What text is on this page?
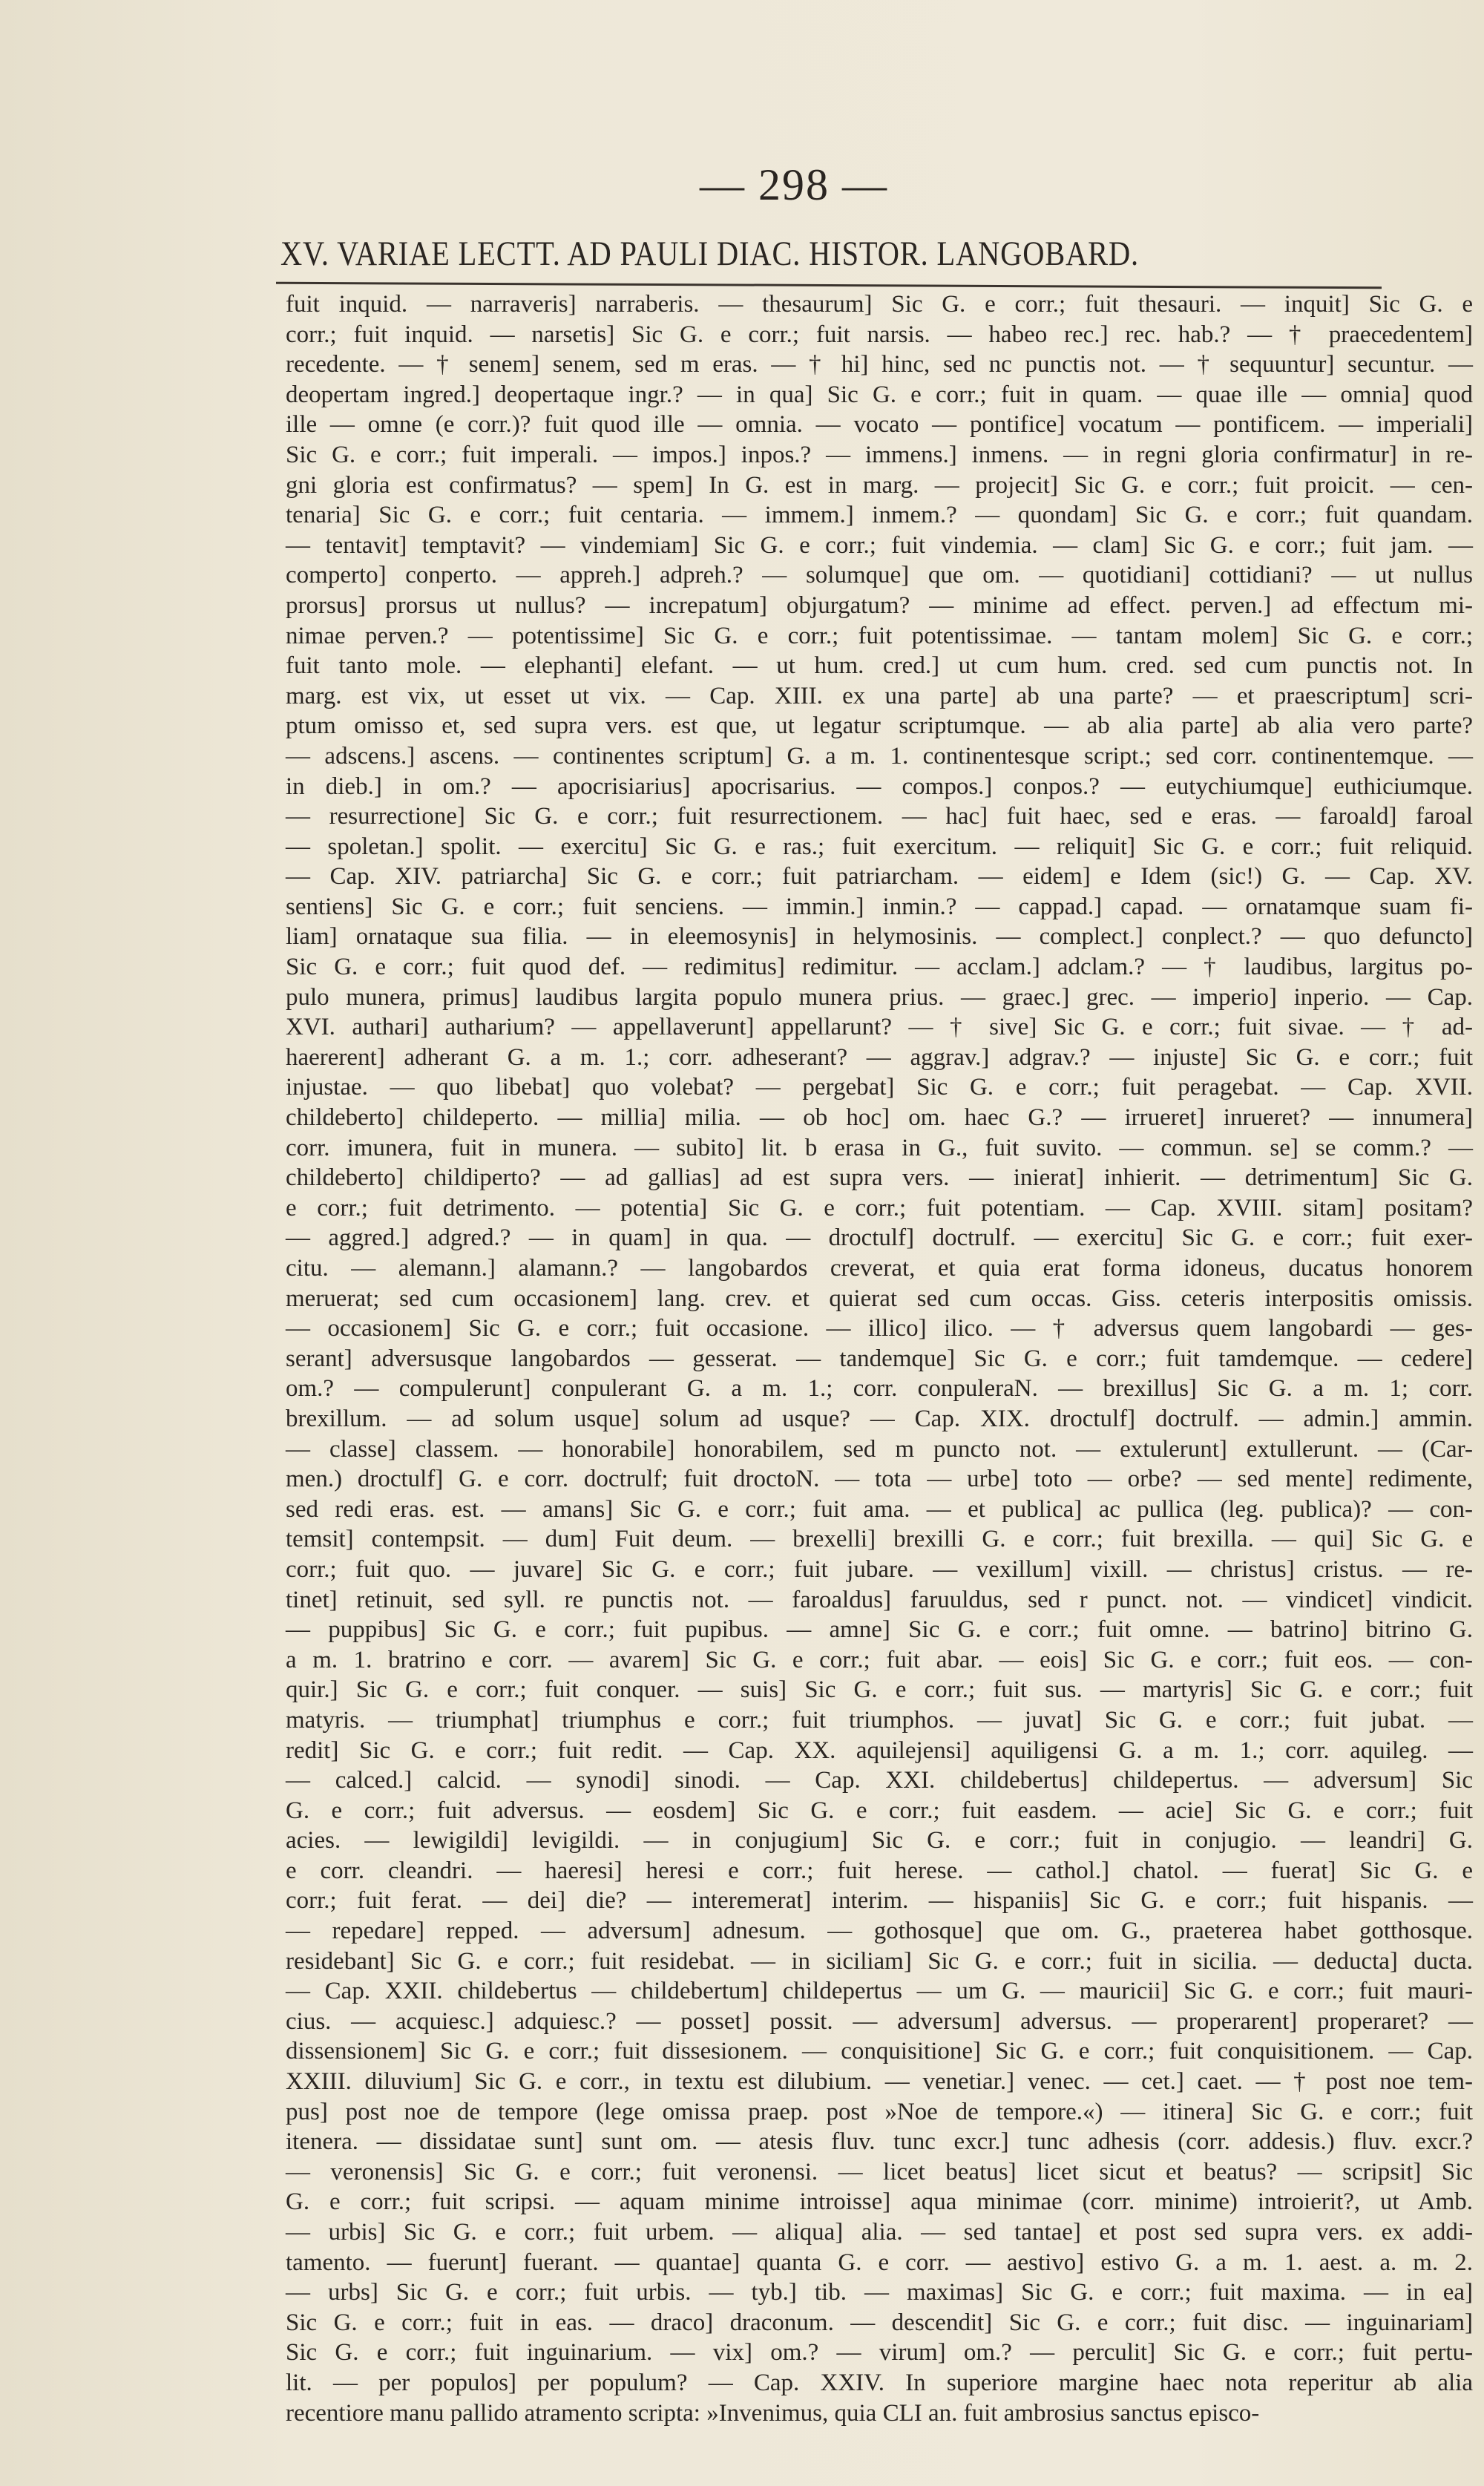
— 298 —
XV. VARIAE LECTT. AD PAULI DIAC. HISTOR. LANGOBARD.
fuit inquid. — narraveris] narraberis. — thesaurum] Sic G. e corr.; fuit thesauri. — inquit] Sic G. e
corr.; fuit inquid. — narsetis] Sic G. e corr.; fuit narsis. — habeo rec.] rec. hab.? — † praecedentem]
recedente. — † senem] senem, sed m eras. — † hi] hinc, sed nc punctis not. — † sequuntur] secuntur. —
deopertam ingred.] deopertaque ingr.? — in qua] Sic G. e corr.; fuit in quam. — quae ille — omnia] quod
ille — omne (e corr.)? fuit quod ille — omnia. — vocato — pontifice] vocatum — pontificem. — imperiali]
Sic G. e corr.; fuit imperali. — impos.] inpos.? — immens.] inmens. — in regni gloria confirmatur] in re-
gni gloria est confirmatus? — spem] In G. est in marg. — projecit] Sic G. e corr.; fuit proicit. — cen-
tenaria] Sic G. e corr.; fuit centaria. — immem.] inmem.? — quondam] Sic G. e corr.; fuit quandam.
— tentavit] temptavit? — vindemiam] Sic G. e corr.; fuit vindemia. — clam] Sic G. e corr.; fuit jam. —
comperto] conperto. — appreh.] adpreh.? — solumque] que om. — quotidiani] cottidiani? — ut nullus
prorsus] prorsus ut nullus? — increpatum] objurgatum? — minime ad effect. perven.] ad effectum mi-
nimae perven.? — potentissime] Sic G. e corr.; fuit potentissimae. — tantam molem] Sic G. e corr.;
fuit tanto mole. — elephanti] elefant. — ut hum. cred.] ut cum hum. cred. sed cum punctis not. In
marg. est vix, ut esset ut vix. — Cap. XIII. ex una parte] ab una parte? — et praescriptum] scri-
ptum omisso et, sed supra vers. est que, ut legatur scriptumque. — ab alia parte] ab alia vero parte?
— adscens.] ascens. — continentes scriptum] G. a m. 1. continentesque script.; sed corr. continentemque. —
in dieb.] in om.? — apocrisiarius] apocrisarius. — compos.] conpos.? — eutychiumque] euthiciumque.
— resurrectione] Sic G. e corr.; fuit resurrectionem. — hac] fuit haec, sed e eras. — faroald] faroal
— spoletan.] spolit. — exercitu] Sic G. e ras.; fuit exercitum. — reliquit] Sic G. e corr.; fuit reliquid.
— Cap. XIV. patriarcha] Sic G. e corr.; fuit patriarcham. — eidem] e Idem (sic!) G. — Cap. XV.
sentiens] Sic G. e corr.; fuit senciens. — immin.] inmin.? — cappad.] capad. — ornatamque suam fi-
liam] ornataque sua filia. — in eleemosynis] in helymosinis. — complect.] conplect.? — quo defuncto]
Sic G. e corr.; fuit quod def. — redimitus] redimitur. — acclam.] adclam.? — † laudibus, largitus po-
pulo munera, primus] laudibus largita populo munera prius. — graec.] grec. — imperio] inperio. — Cap.
XVI. authari] autharium? — appellaverunt] appellarunt? — † sive] Sic G. e corr.; fuit sivae. — † ad-
haererent] adherant G. a m. 1.; corr. adheserant? — aggrav.] adgrav.? — injuste] Sic G. e corr.; fuit
injustae. — quo libebat] quo volebat? — pergebat] Sic G. e corr.; fuit peragebat. — Cap. XVII.
childeberto] childeperto. — millia] milia. — ob hoc] om. haec G.? — irrueret] inrueret? — innumera]
corr. imunera, fuit in munera. — subito] lit. b erasa in G., fuit suvito. — commun. se] se comm.? —
childeberto] childiperto? — ad gallias] ad est supra vers. — inierat] inhierit. — detrimentum] Sic G.
e corr.; fuit detrimento. — potentia] Sic G. e corr.; fuit potentiam. — Cap. XVIII. sitam] positam?
— aggred.] adgred.? — in quam] in qua. — droctulf] doctrulf. — exercitu] Sic G. e corr.; fuit exer-
citu. — alemann.] alamann.? — langobardos creverat, et quia erat forma idoneus, ducatus honorem
meruerat; sed cum occasionem] lang. crev. et quierat sed cum occas. Giss. ceteris interpositis omissis.
— occasionem] Sic G. e corr.; fuit occasione. — illico] ilico. — † adversus quem langobardi — ges-
serant] adversusque langobardos — gesserat. — tandemque] Sic G. e corr.; fuit tamdemque. — cedere]
om.? — compulerunt] conpulerant G. a m. 1.; corr. conpuleraN. — brexillus] Sic G. a m. 1; corr.
brexillum. — ad solum usque] solum ad usque? — Cap. XIX. droctulf] doctrulf. — admin.] ammin.
— classe] classem. — honorabile] honorabilem, sed m puncto not. — extulerunt] extullerunt. — (Car-
men.) droctulf] G. e corr. doctrulf; fuit droctoN. — tota — urbe] toto — orbe? — sed mente] redimente,
sed redi eras. est. — amans] Sic G. e corr.; fuit ama. — et publica] ac pullica (leg. publica)? — con-
temsit] contempsit. — dum] Fuit deum. — brexelli] brexilli G. e corr.; fuit brexilla. — qui] Sic G. e
corr.; fuit quo. — juvare] Sic G. e corr.; fuit jubare. — vexillum] vixill. — christus] cristus. — re-
tinet] retinuit, sed syll. re punctis not. — faroaldus] faruuldus, sed r punct. not. — vindicet] vindicit.
— puppibus] Sic G. e corr.; fuit pupibus. — amne] Sic G. e corr.; fuit omne. — batrino] bitrino G.
a m. 1. bratrino e corr. — avarem] Sic G. e corr.; fuit abar. — eois] Sic G. e corr.; fuit eos. — con-
quir.] Sic G. e corr.; fuit conquer. — suis] Sic G. e corr.; fuit sus. — martyris] Sic G. e corr.; fuit
matyris. — triumphat] triumphus e corr.; fuit triumphos. — juvat] Sic G. e corr.; fuit jubat. —
redit] Sic G. e corr.; fuit redit. — Cap. XX. aquilejensi] aquiligensi G. a m. 1.; corr. aquileg. —
— calced.] calcid. — synodi] sinodi. — Cap. XXI. childebertus] childepertus. — adversum] Sic
G. e corr.; fuit adversus. — eosdem] Sic G. e corr.; fuit easdem. — acie] Sic G. e corr.; fuit
acies. — lewigildi] levigildi. — in conjugium] Sic G. e corr.; fuit in conjugio. — leandri] G.
e corr. cleandri. — haeresi] heresi e corr.; fuit herese. — cathol.] chatol. — fuerat] Sic G. e
corr.; fuit ferat. — dei] die? — interemerat] interim. — hispaniis] Sic G. e corr.; fuit hispanis. —
— repedare] repped. — adversum] adnesum. — gothosque] que om. G., praeterea habet gotthosque.
residebant] Sic G. e corr.; fuit residebat. — in siciliam] Sic G. e corr.; fuit in sicilia. — deducta] ducta.
— Cap. XXII. childebertus — childebertum] childepertus — um G. — mauricii] Sic G. e corr.; fuit mauri-
cius. — acquiesc.] adquiesc.? — posset] possit. — adversum] adversus. — properarent] properaret? —
dissensionem] Sic G. e corr.; fuit dissesionem. — conquisitione] Sic G. e corr.; fuit conquisitionem. — Cap.
XXIII. diluvium] Sic G. e corr., in textu est dilubium. — venetiar.] venec. — cet.] caet. — † post noe tem-
pus] post noe de tempore (lege omissa praep. post »Noe de tempore.«) — itinera] Sic G. e corr.; fuit
itenera. — dissidatae sunt] sunt om. — atesis fluv. tunc excr.] tunc adhesis (corr. addesis.) fluv. excr.?
— veronensis] Sic G. e corr.; fuit veronensi. — licet beatus] licet sicut et beatus? — scripsit] Sic
G. e corr.; fuit scripsi. — aquam minime introisse] aqua minimae (corr. minime) introierit?, ut Amb.
— urbis] Sic G. e corr.; fuit urbem. — aliqua] alia. — sed tantae] et post sed supra vers. ex addi-
tamento. — fuerunt] fuerant. — quantae] quanta G. e corr. — aestivo] estivo G. a m. 1. aest. a. m. 2.
— urbs] Sic G. e corr.; fuit urbis. — tyb.] tib. — maximas] Sic G. e corr.; fuit maxima. — in ea]
Sic G. e corr.; fuit in eas. — draco] draconum. — descendit] Sic G. e corr.; fuit disc. — inguinariam]
Sic G. e corr.; fuit inguinarium. — vix] om.? — virum] om.? — perculit] Sic G. e corr.; fuit pertu-
lit. — per populos] per populum? — Cap. XXIV. In superiore margine haec nota reperitur ab alia
recentiore manu pallido atramento scripta: »Invenimus, quia CLI an. fuit ambrosius sanctus episco-
